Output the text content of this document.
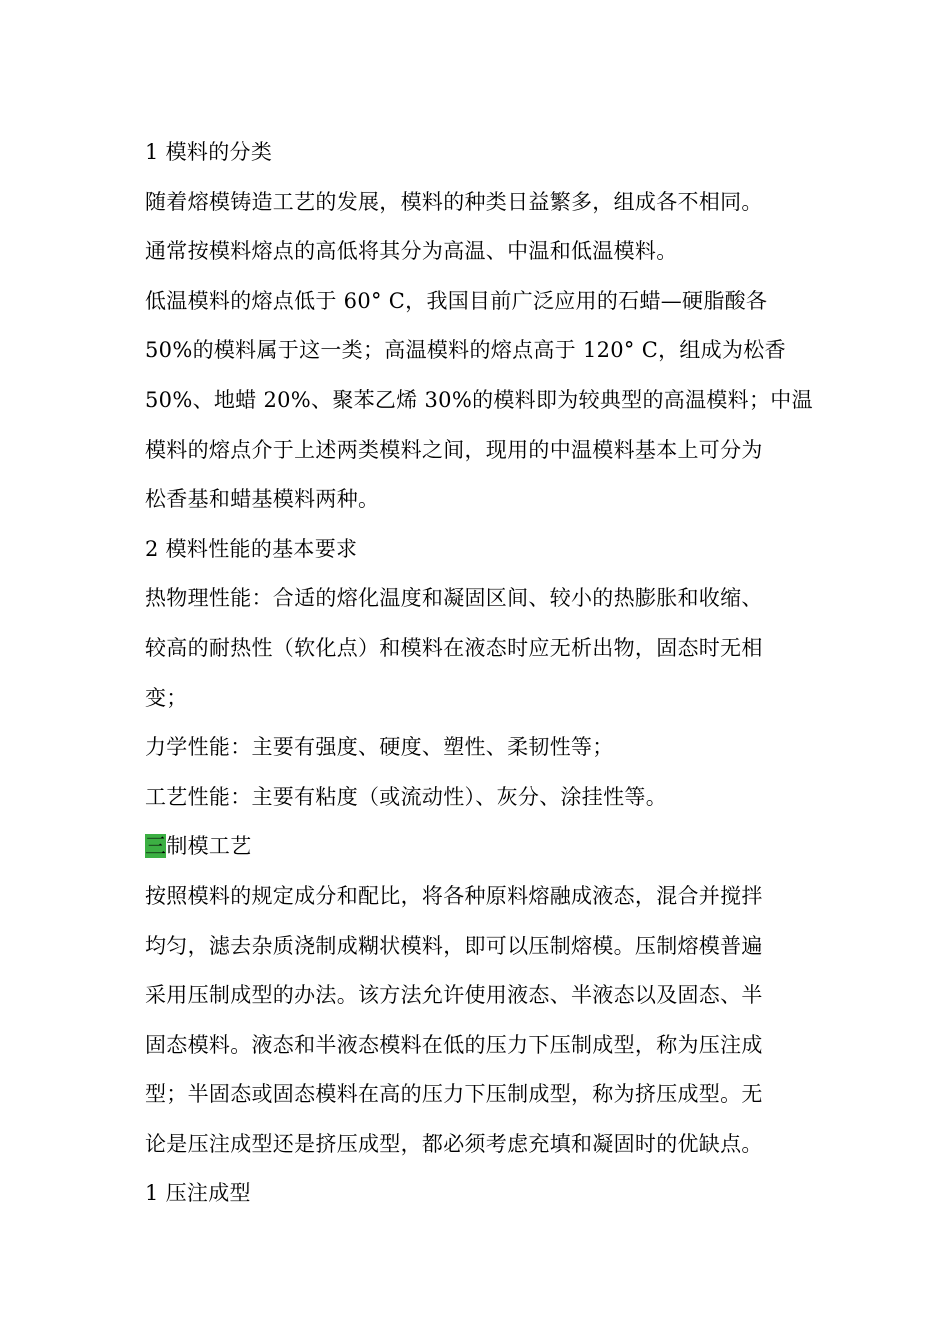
1 模料的分类
随着熔模铸造工艺的发展，模料的种类日益繁多，组成各不相同。
通常按模料熔点的高低将其分为高温、中温和低温模料。
低温模料的熔点低于 60° C，我国目前广泛应用的石蜡—硬脂酸各
50%的模料属于这一类；高温模料的熔点高于 120° C，组成为松香
50%、地蜡 20%、聚苯乙烯 30%的模料即为较典型的高温模料；中温
模料的熔点介于上述两类模料之间，现用的中温模料基本上可分为
松香基和蜡基模料两种。
2 模料性能的基本要求
热物理性能：合适的熔化温度和凝固区间、较小的热膨胀和收缩、
较高的耐热性（软化点）和模料在液态时应无析出物，固态时无相
变；
力学性能：主要有强度、硬度、塑性、柔韧性等；
工艺性能：主要有粘度（或流动性）、灰分、涂挂性等。
三制模工艺
按照模料的规定成分和配比，将各种原料熔融成液态，混合并搅拌
均匀，滤去杂质浇制成糊状模料，即可以压制熔模。压制熔模普遍
采用压制成型的办法。该方法允许使用液态、半液态以及固态、半
固态模料。液态和半液态模料在低的压力下压制成型，称为压注成
型；半固态或固态模料在高的压力下压制成型，称为挤压成型。无
论是压注成型还是挤压成型，都必须考虑充填和凝固时的优缺点。
1 压注成型
